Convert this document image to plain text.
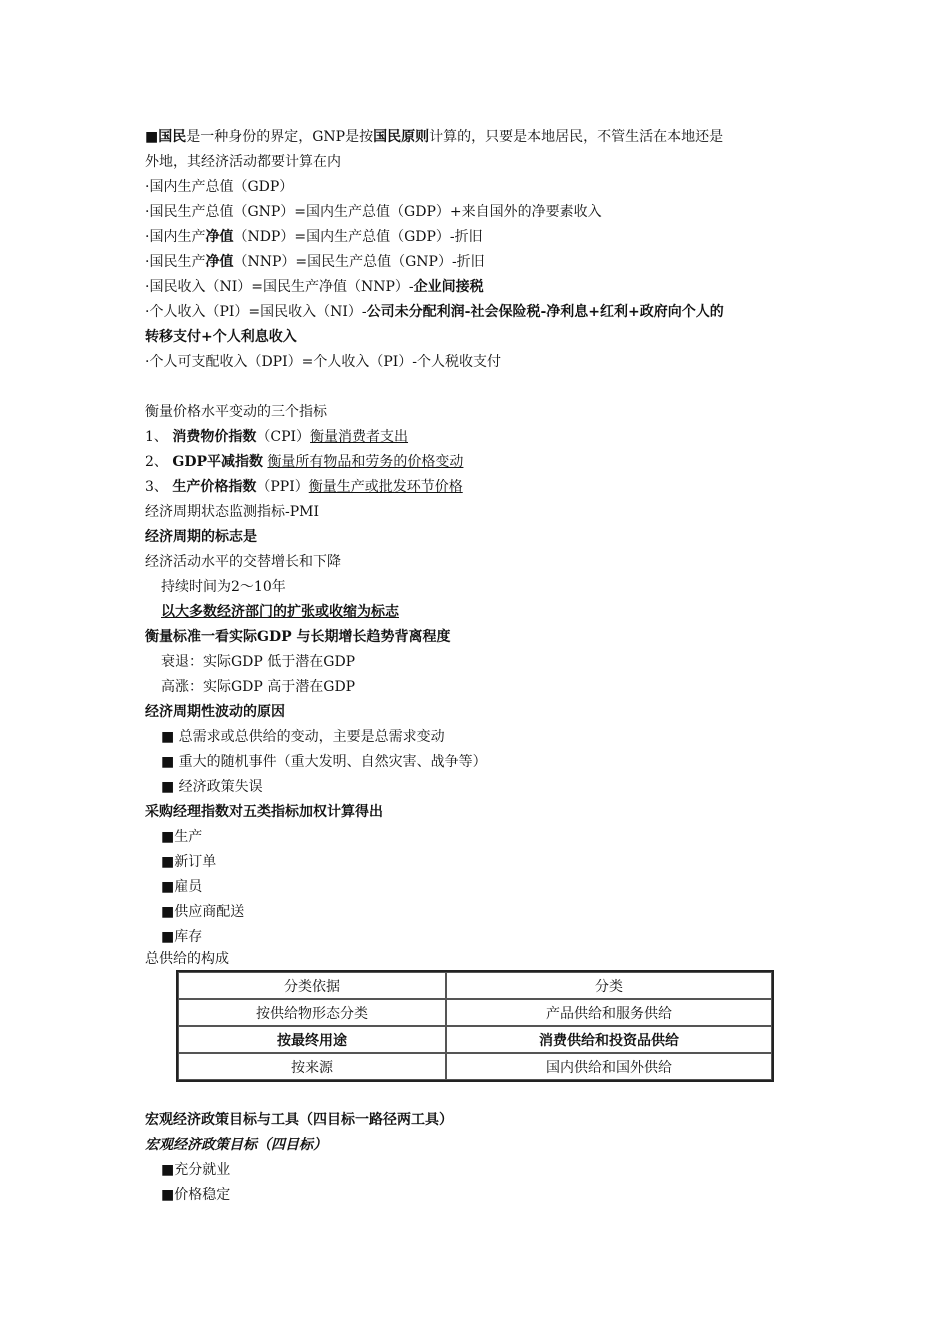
■国民是一种身份的界定，GNP是按国民原则计算的，只要是本地居民，不管生活在本地还是
外地，其经济活动都要计算在内
·国内生产总值（GDP）
·国民生产总值（GNP）=国内生产总值（GDP）+来自国外的净要素收入
·国内生产净值（NDP）=国内生产总值（GDP）-折旧
·国民生产净值（NNP）=国民生产总值（GNP）-折旧
·国民收入（NI）=国民生产净值（NNP）-企业间接税
·个人收入（PI）=国民收入（NI）-公司未分配利润-社会保险税-净利息+红利+政府向个人的
转移支付+个人利息收入
·个人可支配收入（DPI）=个人收入（PI）-个人税收支付
衡量价格水平变动的三个指标
1、 消费物价指数（CPI）衡量消费者支出
2、 GDP平减指数 衡量所有物品和劳务的价格变动
3、 生产价格指数（PPI）衡量生产或批发环节价格
经济周期状态监测指标-PMI
经济周期的标志是
经济活动水平的交替增长和下降
持续时间为2～10年
以大多数经济部门的扩张或收缩为标志
衡量标准一看实际GDP 与长期增长趋势背离程度
衰退：实际GDP 低于潜在GDP
高涨：实际GDP 高于潜在GDP
经济周期性波动的原因
■ 总需求或总供给的变动，主要是总需求变动
■ 重大的随机事件（重大发明、自然灾害、战争等）
■ 经济政策失误
采购经理指数对五类指标加权计算得出
■生产
■新订单
■雇员
■供应商配送
■库存
总供给的构成
分类依据	分类
按供给物形态分类	产品供给和服务供给
按最终用途	消费供给和投资品供给
按来源	国内供给和国外供给
宏观经济政策目标与工具（四目标一路径两工具）
宏观经济政策目标（四目标）
■充分就业
■价格稳定
